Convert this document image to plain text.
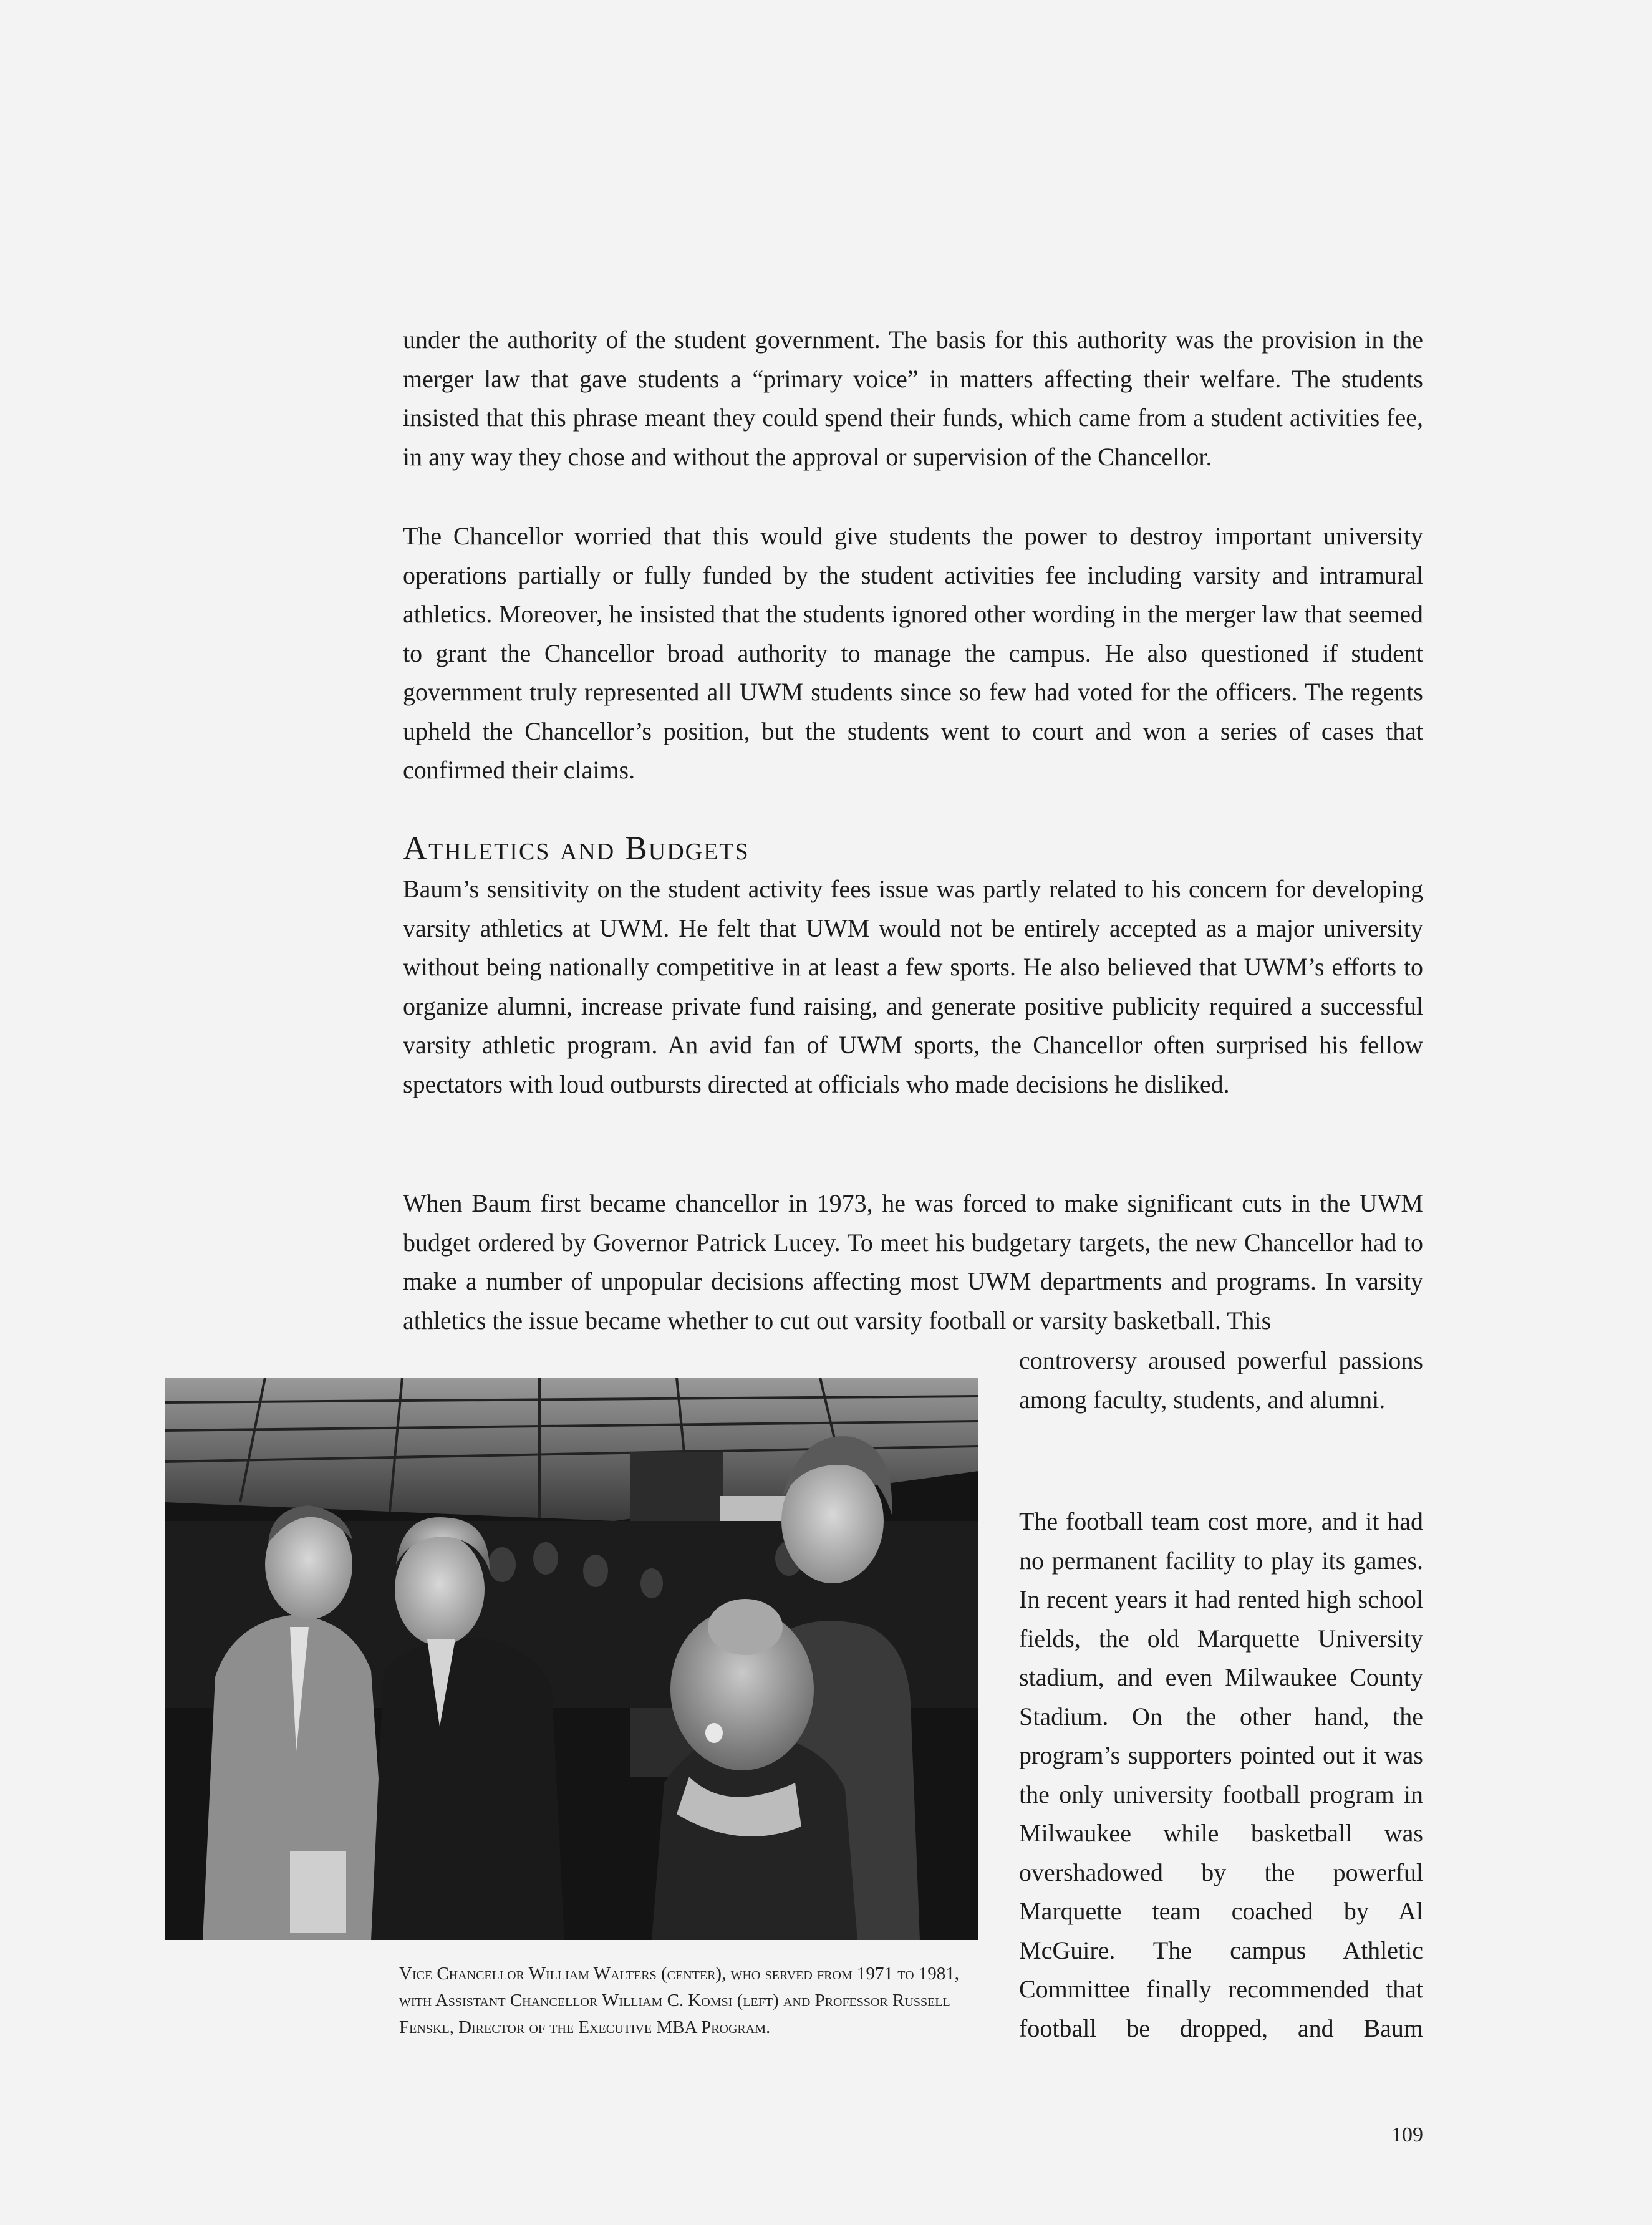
under the authority of the student government. The basis for this authority was the provision in the merger law that gave students a “primary voice” in matters affecting their welfare. The students insisted that this phrase meant they could spend their funds, which came from a student activities fee, in any way they chose and without the approval or supervision of the Chancellor.

The Chancellor worried that this would give students the power to destroy important university operations partially or fully funded by the student activities fee including varsity and intramural athletics. Moreover, he insisted that the students ignored other wording in the merger law that seemed to grant the Chancellor broad authority to manage the campus. He also questioned if student government truly represented all UWM students since so few had voted for the officers. The regents upheld the Chancellor’s position, but the students went to court and won a series of cases that confirmed their claims.

Athletics and Budgets

Baum’s sensitivity on the student activity fees issue was partly related to his concern for developing varsity athletics at UWM. He felt that UWM would not be entirely accepted as a major university without being nationally competitive in at least a few sports. He also believed that UWM’s efforts to organize alumni, increase private fund raising, and generate positive publicity required a successful varsity athletic program. An avid fan of UWM sports, the Chancellor often surprised his fellow spectators with loud outbursts directed at officials who made decisions he disliked.

When Baum first became chancellor in 1973, he was forced to make significant cuts in the UWM budget ordered by Governor Patrick Lucey. To meet his budgetary targets, the new Chancellor had to make a number of unpopular decisions affecting most UWM departments and programs. In varsity athletics the issue became whether to cut out varsity football or varsity basketball. This

controversy aroused powerful passions among faculty, students, and alumni.

The football team cost more, and it had no permanent facility to play its games. In recent years it had rented high school fields, the old Marquette University stadium, and even Milwaukee County Stadium. On the other hand, the program’s supporters pointed out it was the only university football program in Milwaukee while basketball was overshadowed by the powerful Marquette team coached by Al McGuire. The campus Athletic Committee finally recommended that football be dropped, and Baum

Vice Chancellor William Walters (center), who served from 1971 to 1981, with Assistant Chancellor William C. Komsi (left) and Professor Russell Fenske, Director of the Executive MBA Program.

109
